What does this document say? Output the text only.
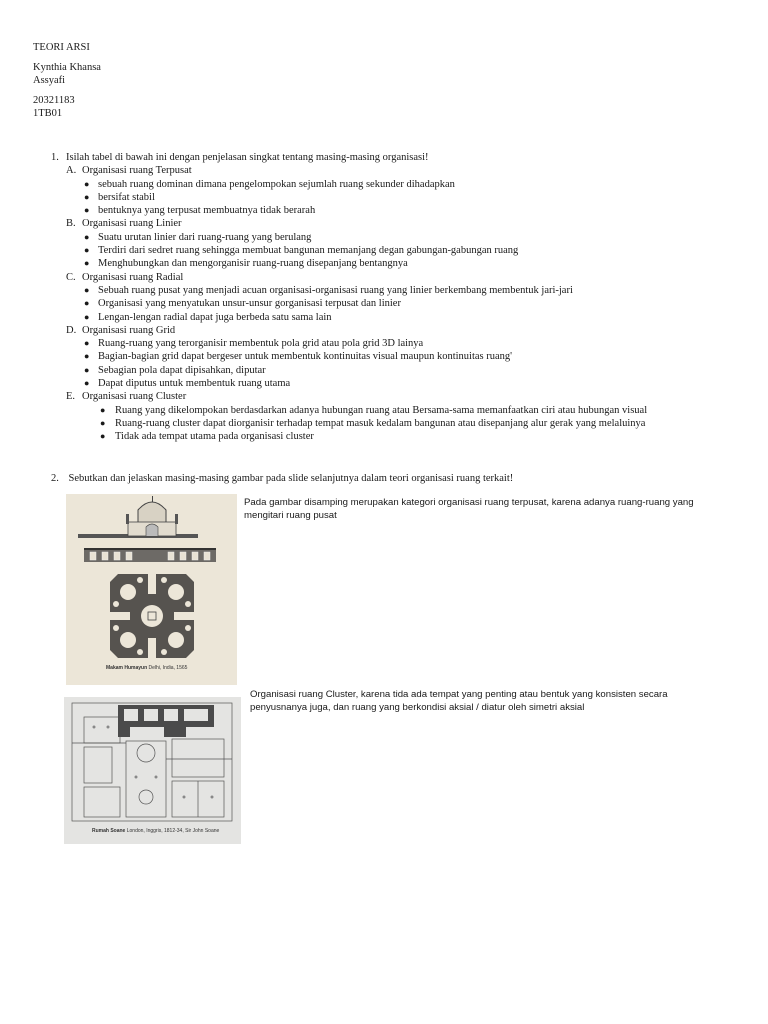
TEORI ARSI
Kynthia Khansa
Assyafi
20321183
1TB01
1. Isilah tabel di bawah ini dengan penjelasan singkat tentang masing-masing organisasi!
A. Organisasi ruang Terpusat
● sebuah ruang dominan dimana pengelompokan sejumlah ruang sekunder dihadapkan
● bersifat stabil
● bentuknya yang terpusat membuatnya tidak berarah
B. Organisasi ruang Linier
● Suatu urutan linier dari ruang-ruang yang berulang
● Terdiri dari sedret ruang sehingga membuat bangunan memanjang degan gabungan-gabungan ruang
● Menghubungkan dan mengorganisir ruang-ruang disepanjang bentangnya
C. Organisasi ruang Radial
● Sebuah ruang pusat yang menjadi acuan organisasi-organisasi ruang yang linier berkembang membentuk jari-jari
● Organisasi yang menyatukan unsur-unsur gorganisasi terpusat dan linier
● Lengan-lengan radial dapat juga berbeda satu sama lain
D. Organisasi ruang Grid
● Ruang-ruang yang terorganisir membentuk pola grid atau pola grid 3D lainya
● Bagian-bagian grid dapat bergeser untuk membentuk kontinuitas visual maupun kontinuitas ruang'
● Sebagian pola dapat dipisahkan, diputar
● Dapat diputus untuk membentuk ruang utama
E. Organisasi ruang Cluster
● Ruang yang dikelompokan berdasdarkan adanya hubungan ruang atau Bersama-sama memanfaatkan ciri atau hubungan visual
● Ruang-ruang cluster dapat diorganisir terhadap tempat masuk kedalam bangunan atau disepanjang alur gerak yang melaluinya
● Tidak ada tempat utama pada organisasi cluster
2. Sebutkan dan jelaskan masing-masing gambar pada slide selanjutnya dalam teori organisasi ruang terkait!
Makam Humayun Delhi, India, 1565
Pada gambar disamping merupakan kategori organisasi ruang terpusat, karena adanya ruang-ruang yang mengitari ruang pusat
Rumah Soane London, Inggris, 1812-34, Sir John Soane
Organisasi ruang Cluster, karena tida ada tempat yang penting atau bentuk yang konsisten secara penyusnanya juga, dan ruang yang berkondisi aksial / diatur oleh simetri aksial
